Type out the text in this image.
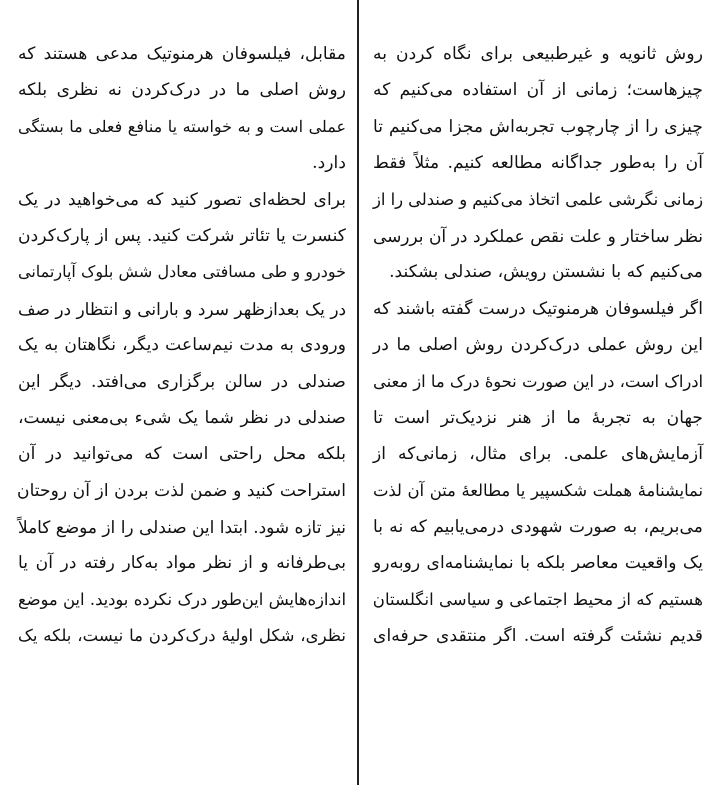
روش ثانویه و غیرطبیعی برای نگاه کردن به
چیزهاست؛ زمانی از آن استفاده می‌کنیم که
چیزی را از چارچوب تجربه‌اش مجزا می‌کنیم تا
آن را به‌طور جداگانه مطالعه کنیم. مثلاً فقط
زمانی نگرشی علمی اتخاذ می‌کنیم و صندلی را از
نظر ساختار و علت نقص عملکرد در آن بررسی
می‌کنیم که با نشستن رویش، صندلی بشکند.
اگر فیلسوفان هرمنوتیک درست گفته باشند که
این روش عملی درک‌کردن روش اصلی ما در
ادراک است، در این صورت نحوهٔ درک ما از معنی
جهان به تجربهٔ ما از هنر نزدیک‌تر است تا
آزمایش‌های علمی. برای مثال، زمانی‌که از
نمایشنامهٔ هملت شکسپیر یا مطالعهٔ متن آن لذت
می‌بریم، به صورت شهودی درمی‌یابیم که نه با
یک واقعیت معاصر بلکه با نمایشنامه‌ای روبه‌رو
هستیم که از محیط اجتماعی و سیاسی انگلستان
قدیم نشئت گرفته است. اگر منتقدی حرفه‌ای
مقابل، فیلسوفان هرمنوتیک مدعی هستند که
روش اصلی ما در درک‌کردن نه نظری بلکه
عملی است و به خواسته یا منافع فعلی ما بستگی
دارد.
برای لحظه‌ای تصور کنید که می‌خواهید در یک
کنسرت یا تئاتر شرکت کنید. پس از پارک‌کردن
خودرو و طی مسافتی معادل شش بلوک آپارتمانی
در یک بعدازظهر سرد و بارانی و انتظار در صف
ورودی به مدت نیم‌ساعت دیگر، نگاهتان به یک
صندلی در سالن برگزاری می‌افتد. دیگر این
صندلی در نظر شما یک شیء بی‌معنی نیست،
بلکه محل راحتی است که می‌توانید در آن
استراحت کنید و ضمن لذت بردن از آن روحتان
نیز تازه شود. ابتدا این صندلی را از موضع کاملاً
بی‌طرفانه و از نظر مواد به‌کار رفته در آن یا
اندازه‌هایش این‌طور درک نکرده بودید. این موضع
نظری، شکل اولیهٔ درک‌کردن ما نیست، بلکه یک
